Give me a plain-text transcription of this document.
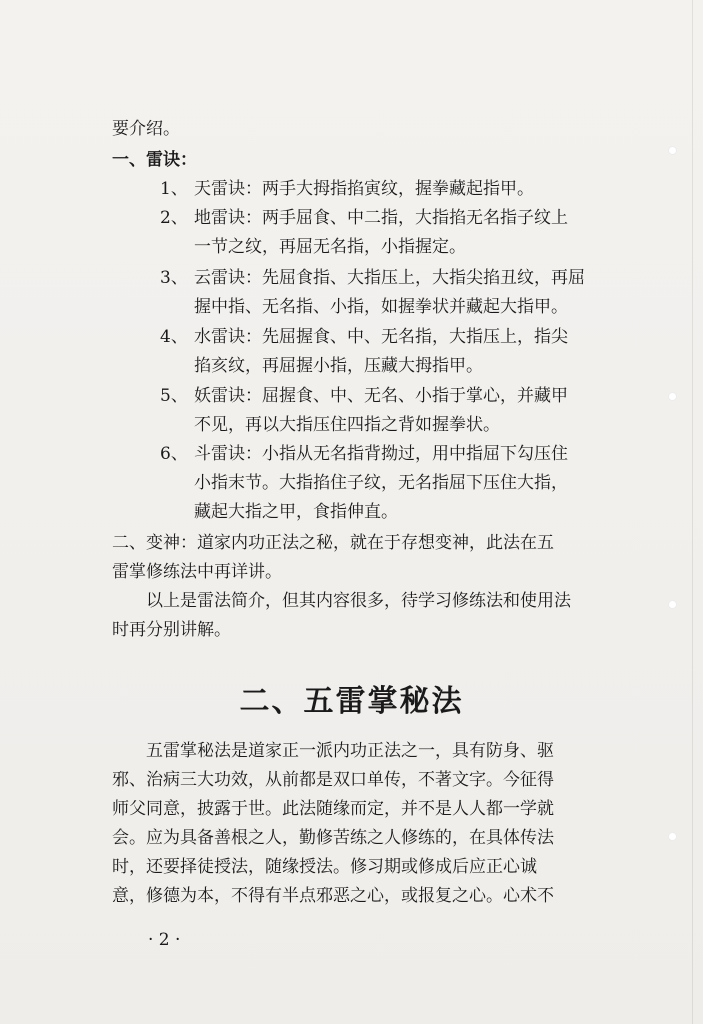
要介绍。
一、雷诀：
1、 天雷诀：两手大拇指掐寅纹，握拳藏起指甲。
2、 地雷诀：两手屈食、中二指，大指掐无名指子纹上
一节之纹，再屈无名指，小指握定。
3、 云雷诀：先屈食指、大指压上，大指尖掐丑纹，再屈
握中指、无名指、小指，如握拳状并藏起大指甲。
4、 水雷诀：先屈握食、中、无名指，大指压上，指尖
掐亥纹，再屈握小指，压藏大拇指甲。
5、 妖雷诀：屈握食、中、无名、小指于掌心，并藏甲
不见，再以大指压住四指之背如握拳状。
6、 斗雷诀：小指从无名指背拗过，用中指屈下勾压住
小指末节。大指掐住子纹，无名指屈下压住大指，
藏起大指之甲，食指伸直。
二、变神：道家内功正法之秘，就在于存想变神，此法在五
雷掌修练法中再详讲。
以上是雷法简介，但其内容很多，待学习修练法和使用法
时再分别讲解。
二、五雷掌秘法
五雷掌秘法是道家正一派内功正法之一，具有防身、驱
邪、治病三大功效，从前都是双口单传，不著文字。今征得
师父同意，披露于世。此法随缘而定，并不是人人都一学就
会。应为具备善根之人，勤修苦练之人修练的，在具体传法
时，还要择徒授法，随缘授法。修习期或修成后应正心诚
意，修德为本，不得有半点邪恶之心，或报复之心。心术不
· 2 ·
